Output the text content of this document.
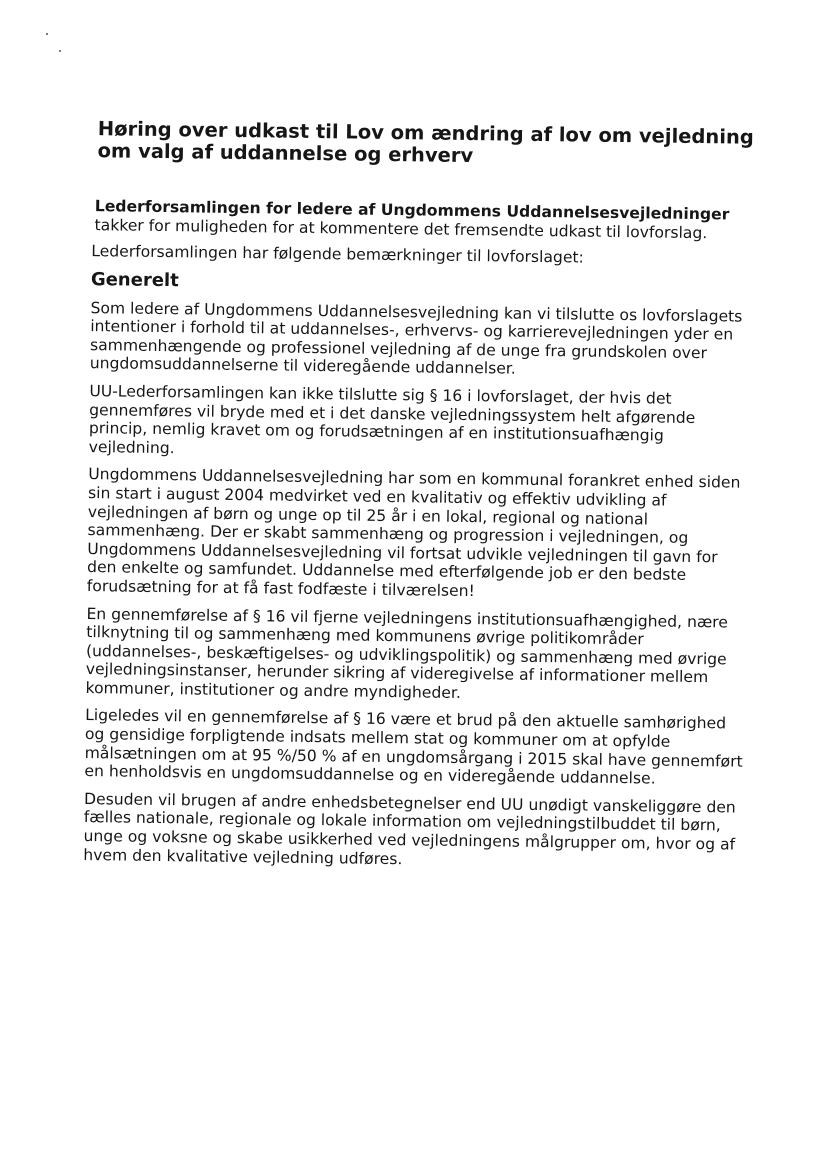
Høring over udkast til Lov om ændring af lov om vejledning om valg af uddannelse og erhverv
Lederforsamlingen for ledere af Ungdommens Uddannelsesvejledninger takker for muligheden for at kommentere det fremsendte udkast til lovforslag.

Lederforsamlingen har følgende bemærkninger til lovforslaget:

Generelt

Som ledere af Ungdommens Uddannelsesvejledning kan vi tilslutte os lovforslagets intentioner i forhold til at uddannelses-, erhvervs- og karrierevejledningen yder en sammenhængende og professionel vejledning af de unge fra grundskolen over ungdomsuddannelserne til videregående uddannelser.

UU-Lederforsamlingen kan ikke tilslutte sig § 16 i lovforslaget, der hvis det gennemføres vil bryde med et i det danske vejledningssystem helt afgørende princip, nemlig kravet om og forudsætningen af en institutionsuafhængig vejledning.

Ungdommens Uddannelsesvejledning har som en kommunal forankret enhed siden sin start i august 2004 medvirket ved en kvalitativ og effektiv udvikling af vejledningen af børn og unge op til 25 år i en lokal, regional og national sammenhæng. Der er skabt sammenhæng og progression i vejledningen, og Ungdommens Uddannelsesvejledning vil fortsat udvikle vejledningen til gavn for den enkelte og samfundet. Uddannelse med efterfølgende job er den bedste forudsætning for at få fast fodfæste i tilværelsen!

En gennemførelse af § 16 vil fjerne vejledningens institutionsuafhængighed, nære tilknytning til og sammenhæng med kommunens øvrige politikområder (uddannelses-, beskæftigelses- og udviklingspolitik) og sammenhæng med øvrige vejledningsinstanser, herunder sikring af videregivelse af informationer mellem kommuner, institutioner og andre myndigheder.

Ligeledes vil en gennemførelse af § 16 være et brud på den aktuelle samhørighed og gensidige forpligtende indsats mellem stat og kommuner om at opfylde målsætningen om at 95 %/50 % af en ungdomsårgang i 2015 skal have gennemført en henholdsvis en ungdomsuddannelse og en videregående uddannelse.

Desuden vil brugen af andre enhedsbetegnelser end UU unødigt vanskeliggøre den fælles nationale, regionale og lokale information om vejledningstilbuddet til børn, unge og voksne og skabe usikkerhed ved vejledningens målgrupper om, hvor og af hvem den kvalitative vejledning udføres.
